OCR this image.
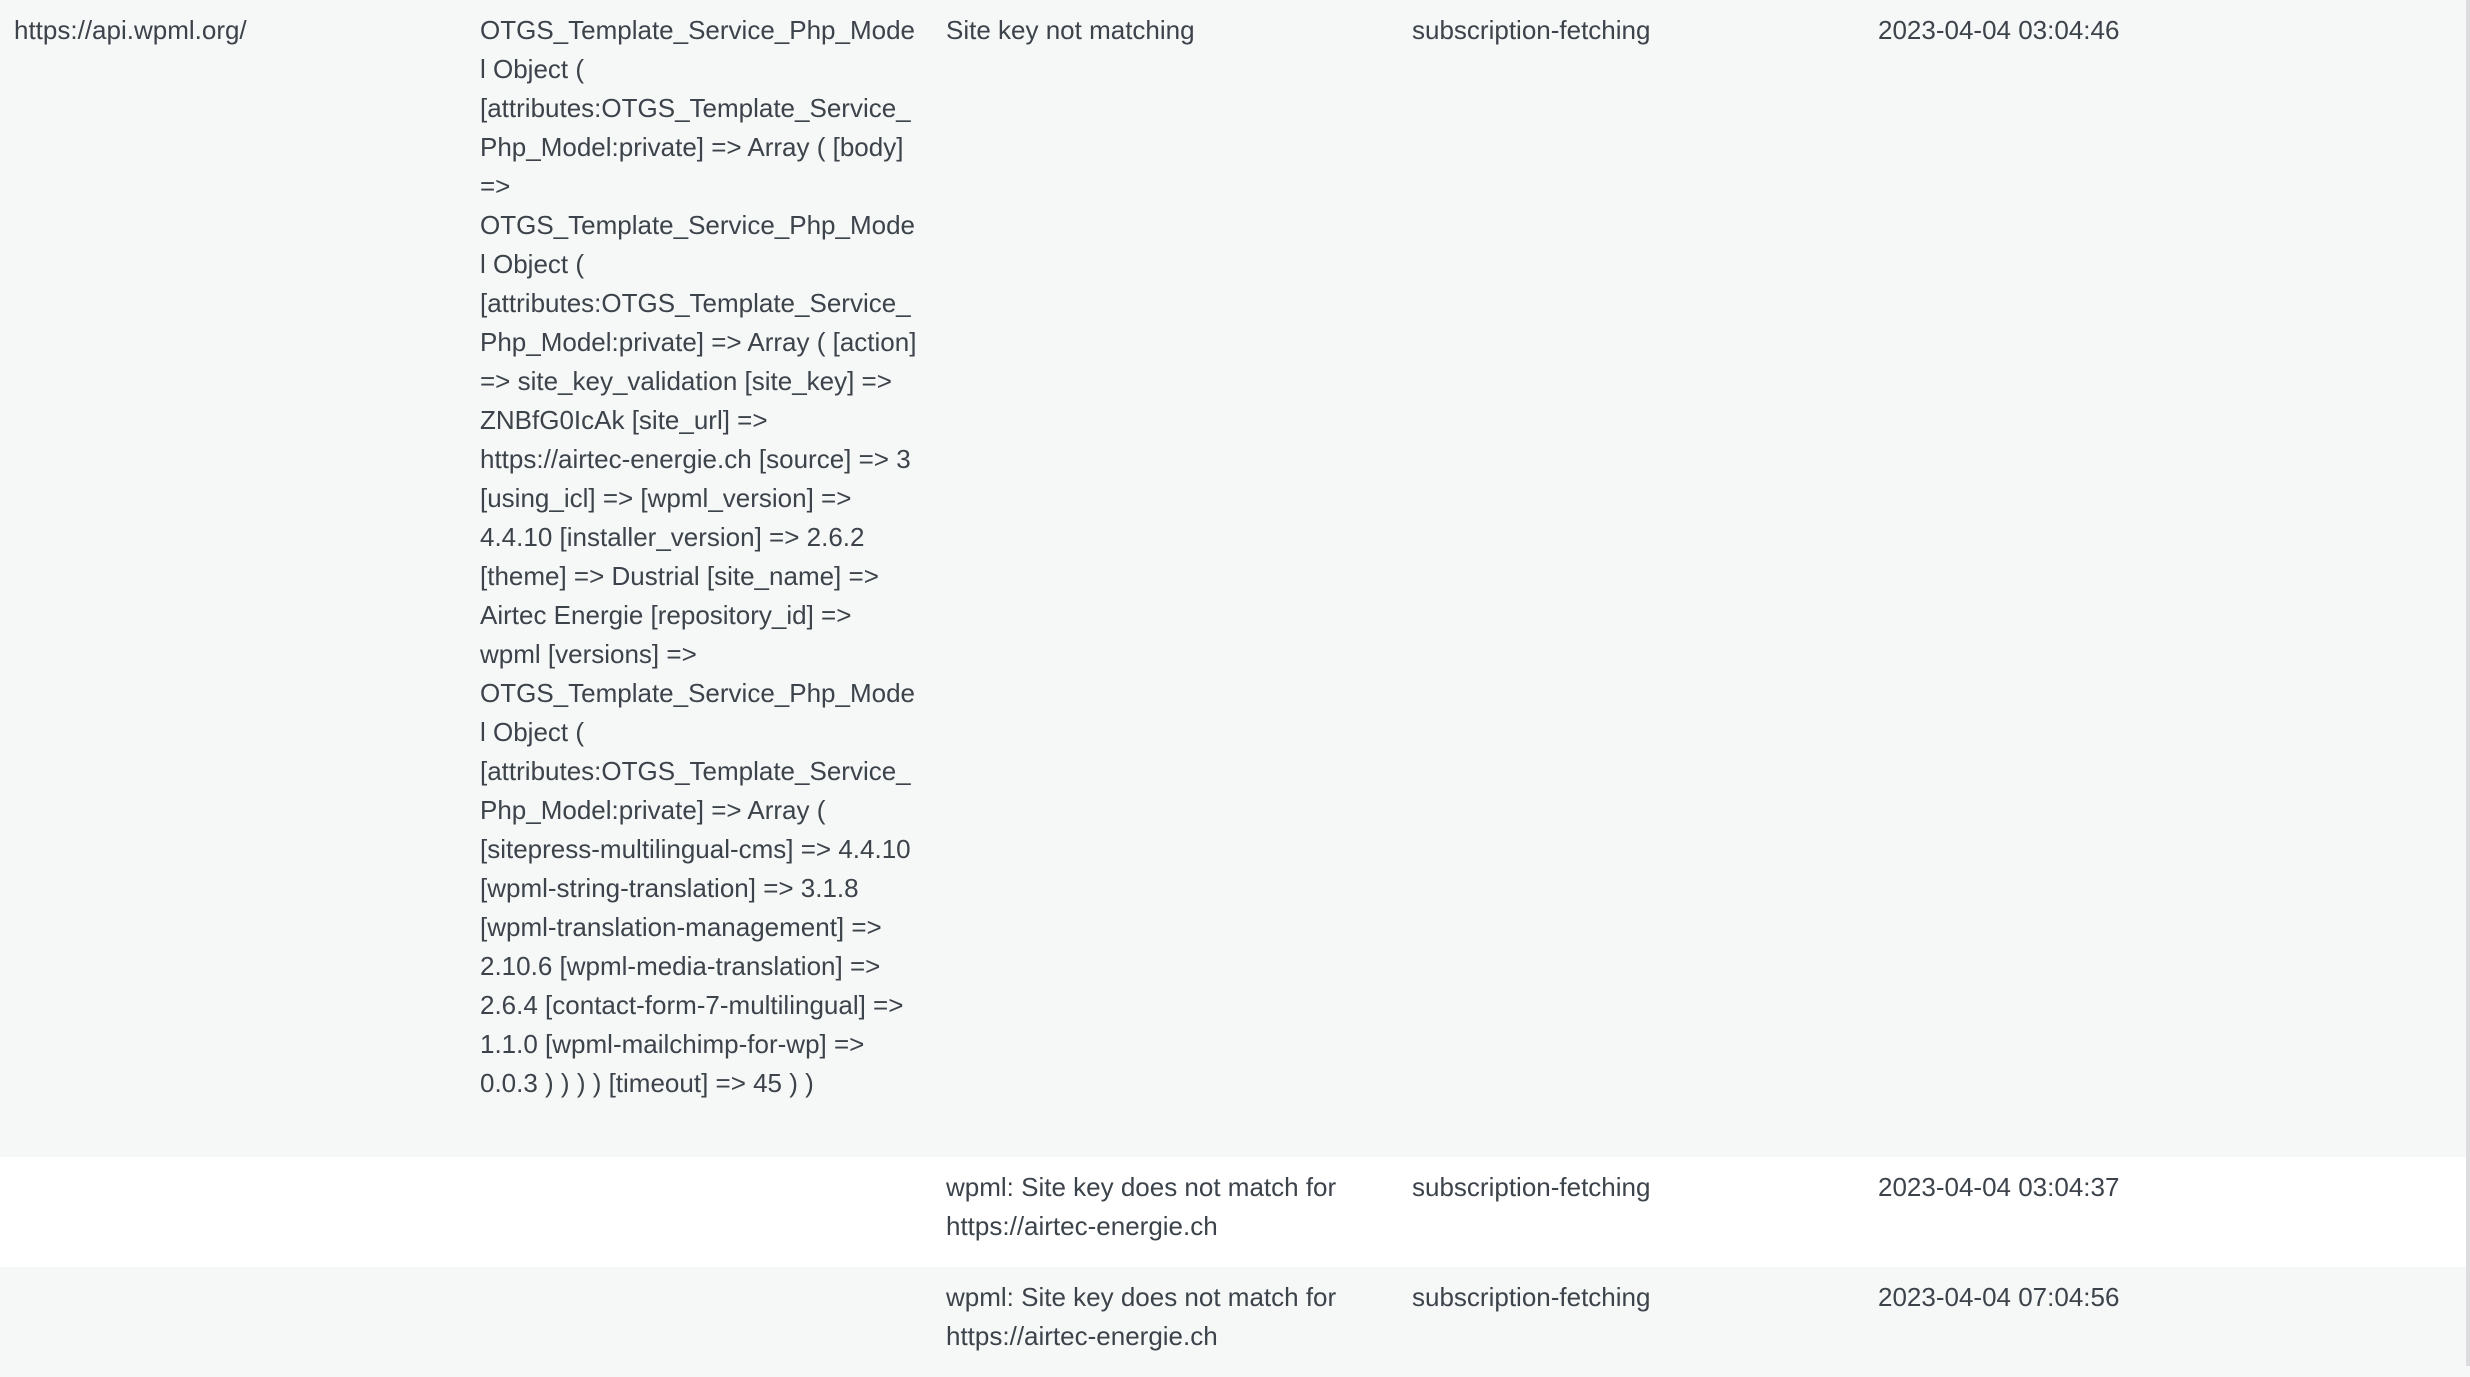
https://api.wpml.org/	OTGS_Template_Service_Php_Model Object ( [attributes:OTGS_Template_Service_Php_Model:private] => Array ( [body] => OTGS_Template_Service_Php_Model Object ( [attributes:OTGS_Template_Service_Php_Model:private] => Array ( [action] => site_key_validation [site_key] => ZNBfG0IcAk [site_url] => https://airtec-energie.ch [source] => 3 [using_icl] => [wpml_version] => 4.4.10 [installer_version] => 2.6.2 [theme] => Dustrial [site_name] => Airtec Energie [repository_id] => wpml [versions] => OTGS_Template_Service_Php_Model Object ( [attributes:OTGS_Template_Service_Php_Model:private] => Array ( [sitepress-multilingual-cms] => 4.4.10 [wpml-string-translation] => 3.1.8 [wpml-translation-management] => 2.10.6 [wpml-media-translation] => 2.6.4 [contact-form-7-multilingual] => 1.1.0 [wpml-mailchimp-for-wp] => 0.0.3 ) ) ) ) [timeout] => 45 ) )	Site key not matching	subscription-fetching	2023-04-04 03:04:46
		wpml: Site key does not match for https://airtec-energie.ch	subscription-fetching	2023-04-04 03:04:37
		wpml: Site key does not match for https://airtec-energie.ch	subscription-fetching	2023-04-04 07:04:56
